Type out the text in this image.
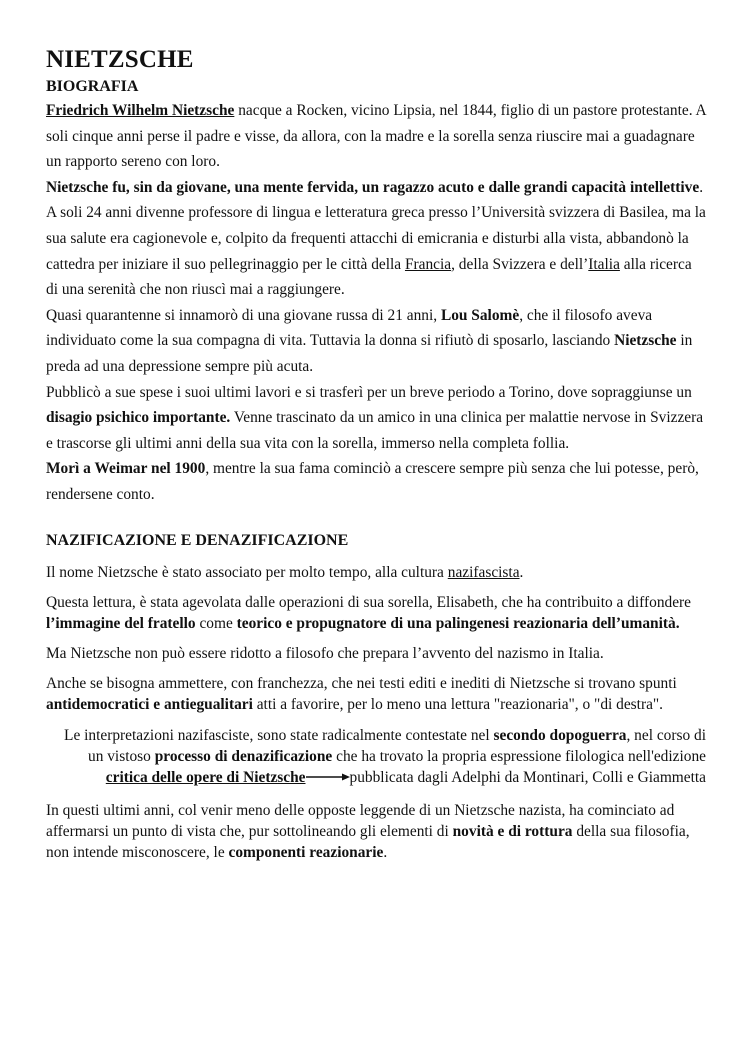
NIETZSCHE
BIOGRAFIA

Friedrich Wilhelm Nietzsche nacque a Rocken, vicino Lipsia, nel 1844, figlio di un pastore protestante. A soli cinque anni perse il padre e visse, da allora, con la madre e la sorella senza riuscire mai a guadagnare un rapporto sereno con loro.

Nietzsche fu, sin da giovane, una mente fervida, un ragazzo acuto e dalle grandi capacità intellettive. A soli 24 anni divenne professore di lingua e letteratura greca presso l’Università svizzera di Basilea, ma la sua salute era cagionevole e, colpito da frequenti attacchi di emicrania e disturbi alla vista, abbandonò la cattedra per iniziare il suo pellegrinaggio per le città della Francia, della Svizzera e dell’Italia alla ricerca di una serenità che non riuscì mai a raggiungere.

Quasi quarantenne si innamorò di una giovane russa di 21 anni, Lou Salomè, che il filosofo aveva individuato come la sua compagna di vita. Tuttavia la donna si rifiutò di sposarlo, lasciando Nietzsche in preda ad una depressione sempre più acuta.

Pubblicò a sue spese i suoi ultimi lavori e si trasferì per un breve periodo a Torino, dove sopraggiunse un disagio psichico importante. Venne trascinato da un amico in una clinica per malattie nervose in Svizzera e trascorse gli ultimi anni della sua vita con la sorella, immerso nella completa follia.

Morì a Weimar nel 1900, mentre la sua fama cominciò a crescere sempre più senza che lui potesse, però, rendersene conto.

NAZIFICAZIONE E DENAZIFICAZIONE

Il nome Nietzsche è stato associato per molto tempo, alla cultura nazifascista.

Questa lettura, è stata agevolata dalle operazioni di sua sorella, Elisabeth, che ha contribuito a diffondere l’immagine del fratello come teorico e propugnatore di una palingenesi reazionaria dell’umanità.

Ma Nietzsche non può essere ridotto a filosofo che prepara l’avvento del nazismo in Italia.

Anche se bisogna ammettere, con franchezza, che nei testi editi e inediti di Nietzsche si trovano spunti antidemocratici e antiegualitari atti a favorire, per lo meno una lettura "reazionaria", o "di destra".

Le interpretazioni nazifasciste, sono state radicalmente contestate nel secondo dopoguerra, nel corso di un vistoso processo di denazificazione che ha trovato la propria espressione filologica nell'edizione critica delle opere di Nietzsche	pubblicata dagli Adelphi da Montinari, Colli e Giammetta

In questi ultimi anni, col venir meno delle opposte leggende di un Nietzsche nazista, ha cominciato ad affermarsi un punto di vista che, pur sottolineando gli elementi di novità e di rottura della sua filosofia, non intende misconoscere, le componenti reazionarie.
